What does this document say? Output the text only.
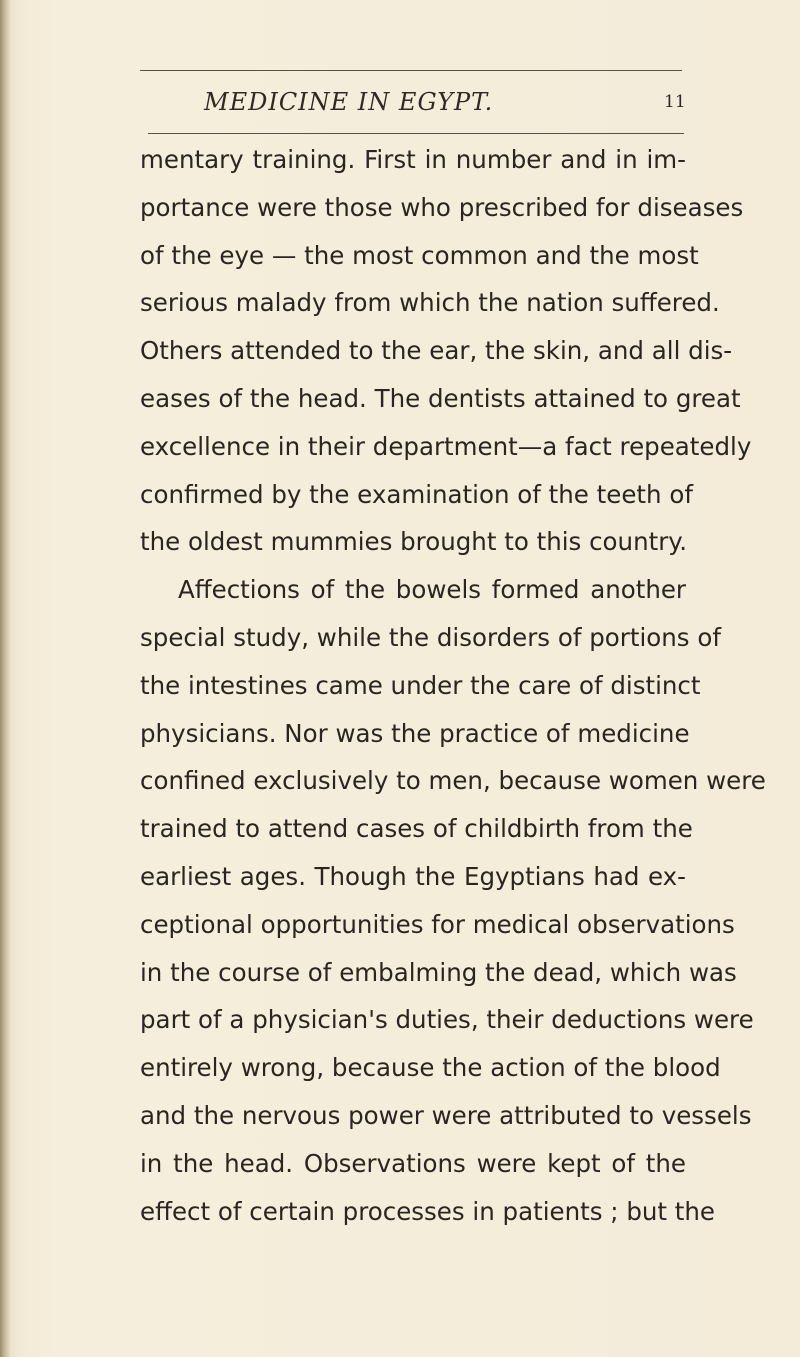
MEDICINE IN EGYPT.	11
mentary training. First in number and in im-
portance were those who prescribed for diseases
of the eye — the most common and the most
serious malady from which the nation suffered.
Others attended to the ear, the skin, and all dis-
eases of the head. The dentists attained to great
excellence in their department—a fact repeatedly
confirmed by the examination of the teeth of
the oldest mummies brought to this country.
Affections of the bowels formed another
special study, while the disorders of portions of
the intestines came under the care of distinct
physicians. Nor was the practice of medicine
confined exclusively to men, because women were
trained to attend cases of childbirth from the
earliest ages. Though the Egyptians had ex-
ceptional opportunities for medical observations
in the course of embalming the dead, which was
part of a physician's duties, their deductions were
entirely wrong, because the action of the blood
and the nervous power were attributed to vessels
in the head. Observations were kept of the
effect of certain processes in patients ; but the
